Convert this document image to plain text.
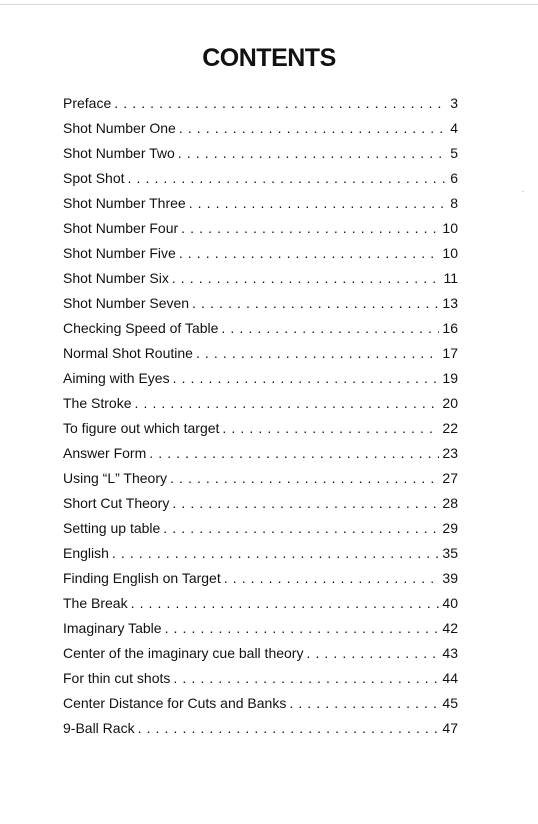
CONTENTS
Preface . . .	3
Shot Number One . . .	4
Shot Number Two . . .	5
Spot Shot . . .	6
Shot Number Three . . .	8
Shot Number Four . . .	10
Shot Number Five . . .	10
Shot Number Six . . .	11
Shot Number Seven . . .	13
Checking Speed of Table . . .	16
Normal Shot Routine . . .	17
Aiming with Eyes . . .	19
The Stroke . . .	20
To figure out which target . . .	22
Answer Form . . .	23
Using “L” Theory . . .	27
Short Cut Theory . . .	28
Setting up table . . .	29
English . . .	35
Finding English on Target . . .	39
The Break . . .	40
Imaginary Table . . .	42
Center of the imaginary cue ball theory . . .	43
For thin cut shots . . .	44
Center Distance for Cuts and Banks . . .	45
9-Ball Rack . . .	47
˙
